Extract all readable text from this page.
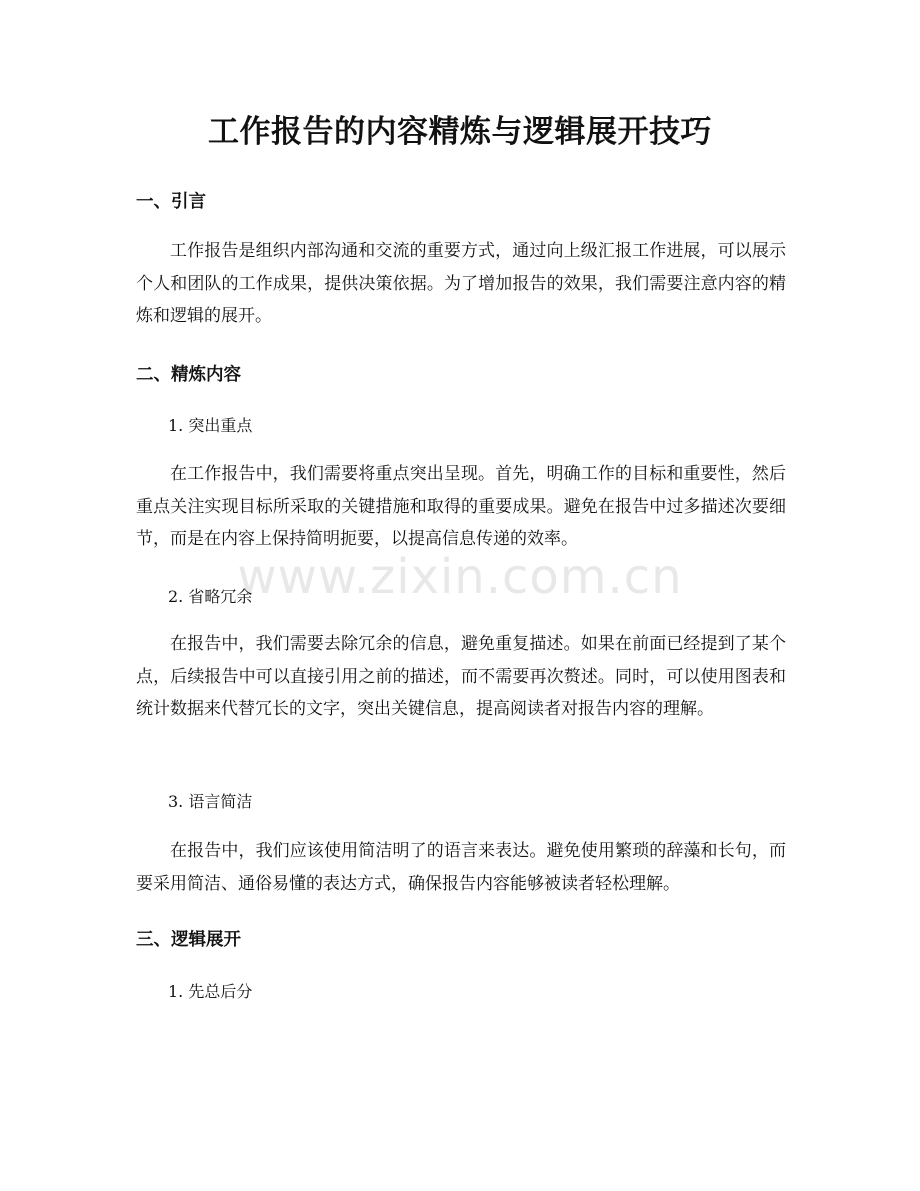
工作报告的内容精炼与逻辑展开技巧
一、引言
工作报告是组织内部沟通和交流的重要方式，通过向上级汇报工作进展，可以展示个人和团队的工作成果，提供决策依据。为了增加报告的效果，我们需要注意内容的精炼和逻辑的展开。
二、精炼内容
1. 突出重点
在工作报告中，我们需要将重点突出呈现。首先，明确工作的目标和重要性，然后重点关注实现目标所采取的关键措施和取得的重要成果。避免在报告中过多描述次要细节，而是在内容上保持简明扼要，以提高信息传递的效率。
2. 省略冗余
在报告中，我们需要去除冗余的信息，避免重复描述。如果在前面已经提到了某个点，后续报告中可以直接引用之前的描述，而不需要再次赘述。同时，可以使用图表和统计数据来代替冗长的文字，突出关键信息，提高阅读者对报告内容的理解。
3. 语言简洁
在报告中，我们应该使用简洁明了的语言来表达。避免使用繁琐的辞藻和长句，而要采用简洁、通俗易懂的表达方式，确保报告内容能够被读者轻松理解。
三、逻辑展开
1. 先总后分
www.zixin.com.cn
